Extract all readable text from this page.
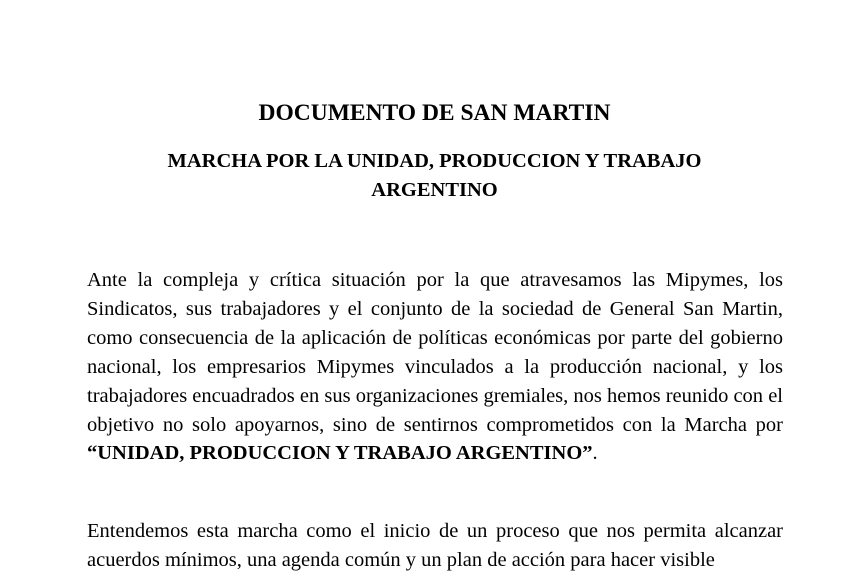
DOCUMENTO DE SAN MARTIN
MARCHA POR LA UNIDAD, PRODUCCION Y TRABAJO ARGENTINO

Ante la compleja y crítica situación por la que atravesamos las Mipymes, los Sindicatos, sus trabajadores y el conjunto de la sociedad de General San Martin, como consecuencia de la aplicación de políticas económicas por parte del gobierno nacional, los empresarios Mipymes vinculados a la producción nacional, y los trabajadores encuadrados en sus organizaciones gremiales, nos hemos reunido con el objetivo no solo apoyarnos, sino de sentirnos comprometidos con la Marcha por “UNIDAD, PRODUCCION Y TRABAJO ARGENTINO”.

Entendemos esta marcha como el inicio de un proceso que nos permita alcanzar acuerdos mínimos, una agenda común y un plan de acción para hacer visible
